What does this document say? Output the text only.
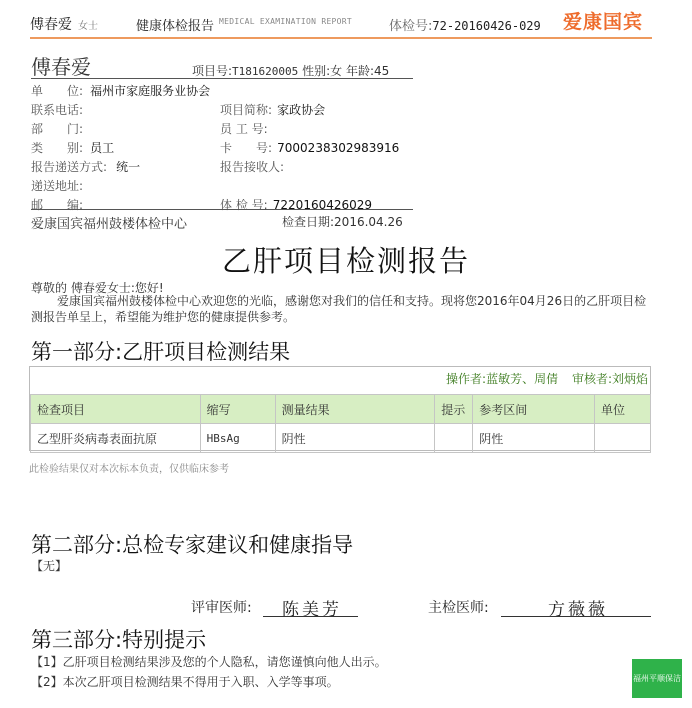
傅春爱 女士	健康体检报告 MEDICAL EXAMINATION REPORT	体检号:72-20160426-029 爱康国宾
傅春爱	项目号:T181620005 性别:女 年龄:45
单　　位: 福州市家庭服务业协会
联系电话:
部　　门:
类　　别: 员工
报告递送方式: 统一
递送地址:
邮　　编:
项目简称: 家政协会
员 工 号:
卡　　号: 7000238302983916
报告接收人:
体 检 号: 7220160426029
爱康国宾福州鼓楼体检中心	检查日期:2016.04.26
乙肝项目检测报告
尊敬的 傅春爱女士:您好!
爱康国宾福州鼓楼体检中心欢迎您的光临，感谢您对我们的信任和支持。现将您2016年04月26日的乙肝项目检测报告单呈上，希望能为维护您的健康提供参考。
第一部分:乙肝项目检测结果
操作者:蓝敏芳、周倩 审核者:刘炳焰
检查项目	缩写	测量结果	提示	参考区间	单位
乙型肝炎病毒表面抗原	HBsAg	阴性		阴性	
此检验结果仅对本次标本负责，仅供临床参考
第二部分:总检专家建议和健康指导
【无】
评审医师: 陈美芳	主检医师:	方薇薇
第三部分:特别提示
【1】乙肝项目检测结果涉及您的个人隐私，请您谨慎向他人出示。
【2】本次乙肝项目检测结果不得用于入职、入学等事项。	福州平顺保洁
